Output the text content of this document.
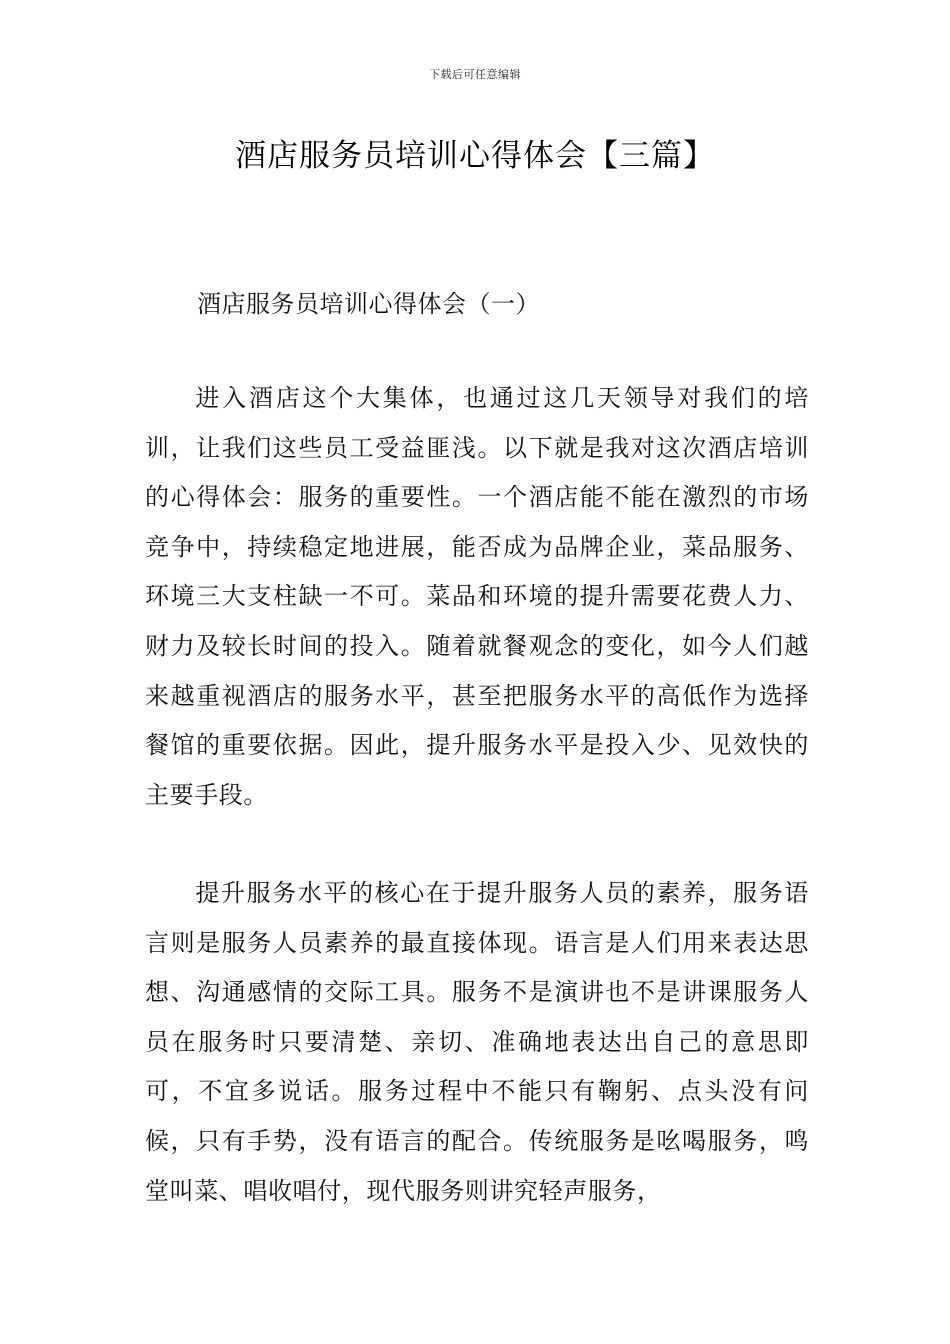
下载后可任意编辑
酒店服务员培训心得体会【三篇】
酒店服务员培训心得体会（一）

进入酒店这个大集体，也通过这几天领导对我们的培训，让我们这些员工受益匪浅。以下就是我对这次酒店培训的心得体会：服务的重要性。一个酒店能不能在激烈的市场竞争中，持续稳定地进展，能否成为品牌企业，菜品服务、环境三大支柱缺一不可。菜品和环境的提升需要花费人力、财力及较长时间的投入。随着就餐观念的变化，如今人们越来越重视酒店的服务水平，甚至把服务水平的高低作为选择餐馆的重要依据。因此，提升服务水平是投入少、见效快的主要手段。

提升服务水平的核心在于提升服务人员的素养，服务语言则是服务人员素养的最直接体现。语言是人们用来表达思想、沟通感情的交际工具。服务不是演讲也不是讲课服务人员在服务时只要清楚、亲切、准确地表达出自己的意思即可，不宜多说话。服务过程中不能只有鞠躬、点头没有问候，只有手势，没有语言的配合。传统服务是吆喝服务，鸣堂叫菜、唱收唱付，现代服务则讲究轻声服务，
